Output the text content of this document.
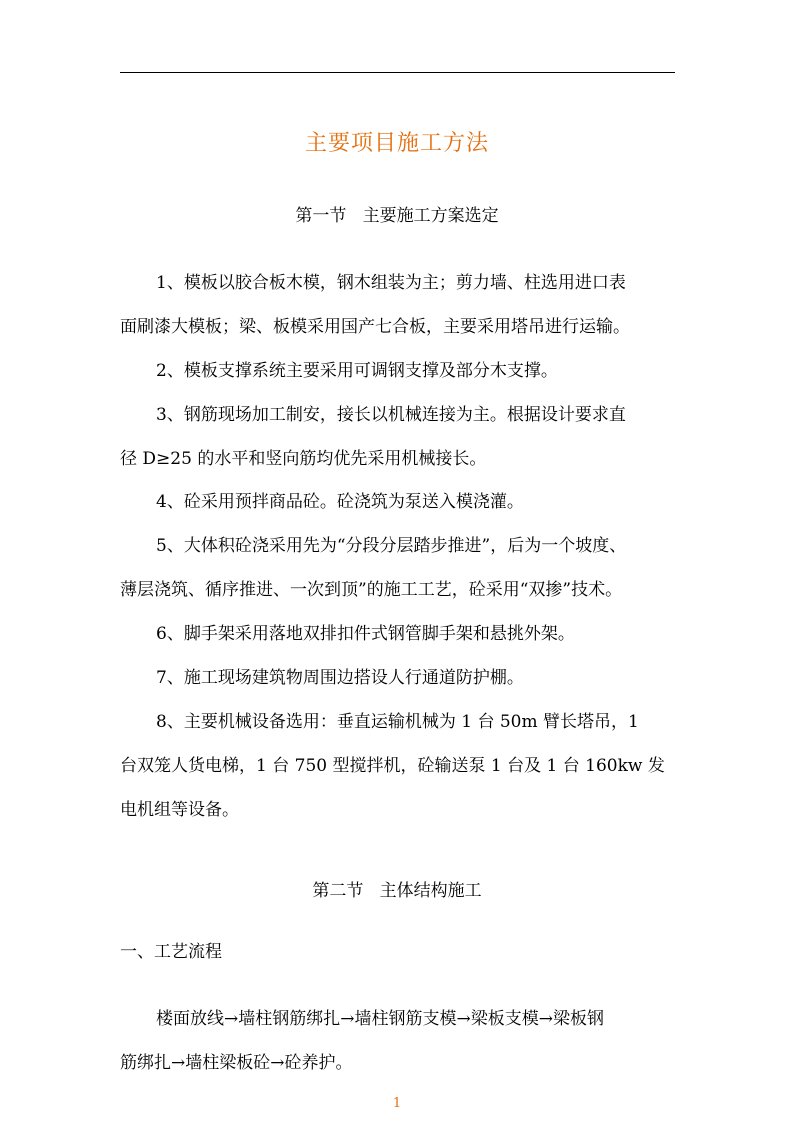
主要项目施工方法
第一节   主要施工方案选定
1、模板以胶合板木模，钢木组装为主；剪力墙、柱选用进口表
面刷漆大模板；梁、板模采用国产七合板，主要采用塔吊进行运输。
2、模板支撑系统主要采用可调钢支撑及部分木支撑。
3、钢筋现场加工制安，接长以机械连接为主。根据设计要求直
径 D≥25 的水平和竖向筋均优先采用机械接长。
4、砼采用预拌商品砼。砼浇筑为泵送入模浇灌。
5、大体积砼浇采用先为“分段分层踏步推进”，后为一个坡度、
薄层浇筑、循序推进、一次到顶”的施工工艺，砼采用“双掺”技术。
6、脚手架采用落地双排扣件式钢管脚手架和悬挑外架。
7、施工现场建筑物周围边搭设人行通道防护棚。
8、主要机械设备选用：垂直运输机械为 1 台 50m 臂长塔吊，1
台双笼人货电梯，1 台 750 型搅拌机，砼输送泵 1 台及 1 台 160kw 发
电机组等设备。
第二节   主体结构施工
一、工艺流程
楼面放线→墙柱钢筋绑扎→墙柱钢筋支模→梁板支模→梁板钢
筋绑扎→墙柱梁板砼→砼养护。
1
